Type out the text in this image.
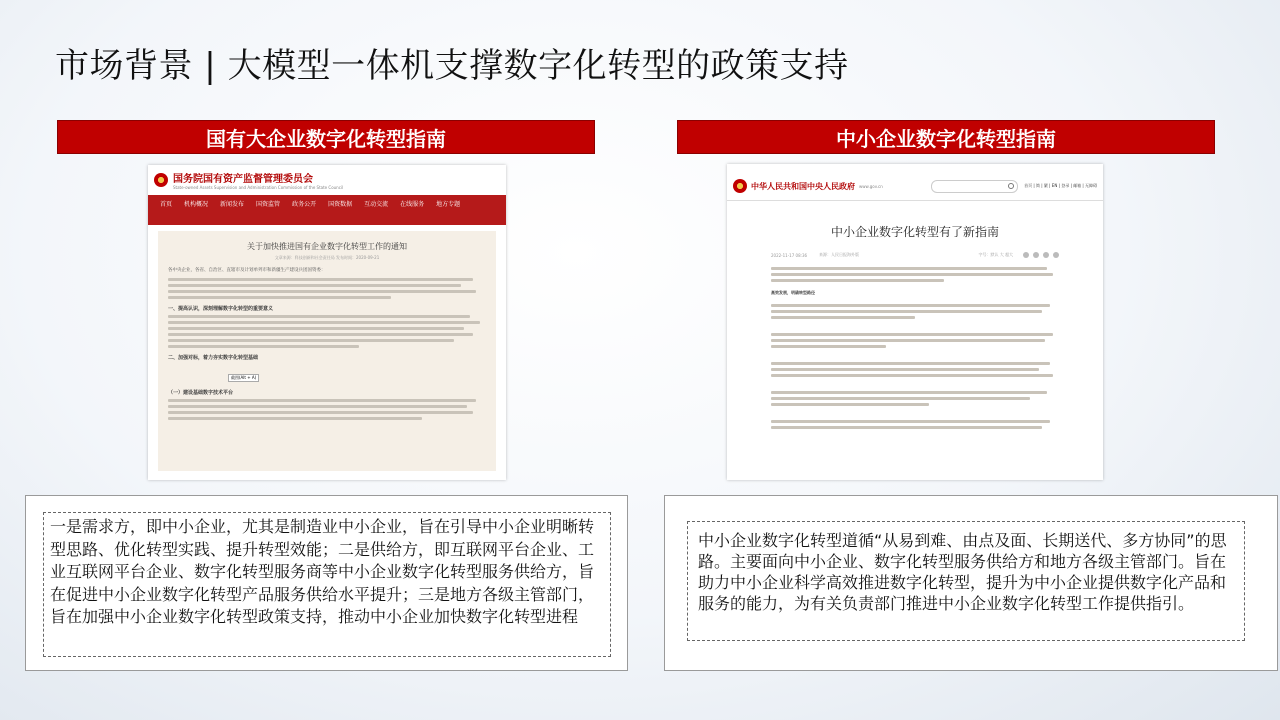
市场背景 | 大模型一体机支撑数字化转型的政策支持
国有大企业数字化转型指南	中小企业数字化转型指南
国务院国有资产监督管理委员会
State-owned Assets Supervision and Administration Commission of the State Council
首页	机构概况	新闻发布	国资监管	政务公开	国资数据	互动交流	在线服务	地方专题
关于加快推进国有企业数字化转型工作的通知
文章来源：科技创新和社会责任局 发布时间：2020-09-21
各中央企业，各省、自治区、直辖市及计划单列市和新疆生产建设兵团国资委：
一、提高认识，深刻理解数字化转型的重要意义
二、加强对标，着力夯实数字化转型基础
截图(Alt + A)
（一）建设基础数字技术平台
中华人民共和国中央人民政府 www.gov.cn	首页 | 简 | 繁 | EN | 登录 | 邮箱 | 无障碍
中小企业数字化转型有了新指南
2022-11-17 08:36	来源：人民日报海外版	字号：默认 大 超大
高效发展，明确转型路径
一是需求方，即中小企业，尤其是制造业中小企业，旨在引导中小企业明晰转型思路、优化转型实践、提升转型效能；二是供给方，即互联网平台企业、工业互联网平台企业、数字化转型服务商等中小企业数字化转型服务供给方，旨在促进中小企业数字化转型产品服务供给水平提升；三是地方各级主管部门，旨在加强中小企业数字化转型政策支持，推动中小企业加快数字化转型进程
中小企业数字化转型道循“从易到难、由点及面、长期送代、多方协同”的思路。主要面向中小企业、数字化转型服务供给方和地方各级主管部门。旨在助力中小企业科学高效推进数字化转型，提升为中小企业提供数字化产品和服务的能力，为有关负责部门推进中小企业数字化转型工作提供指引。
